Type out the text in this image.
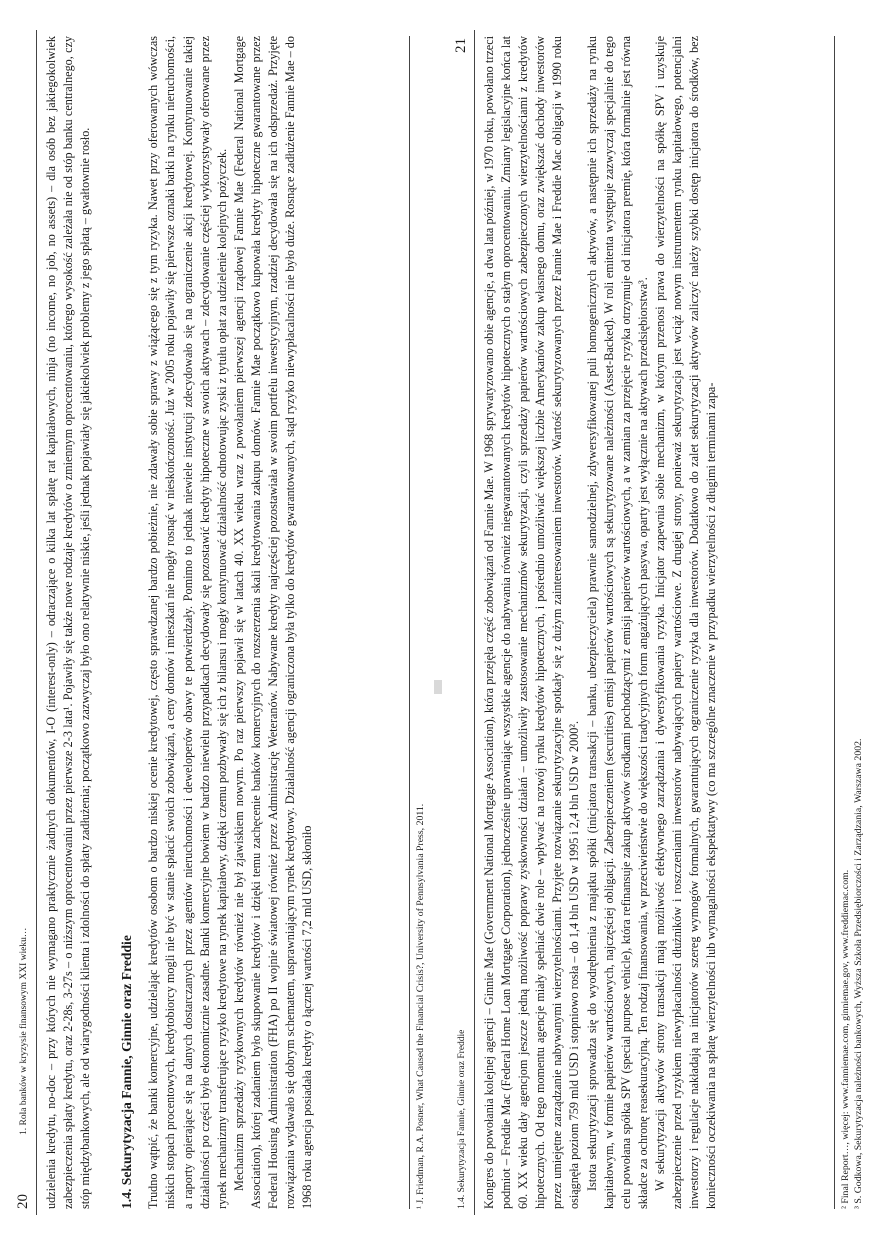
20
1. Rola banków w kryzysie finansowym XXI wieku… udzielenia kredytu, no-doc – przy których nie wymagano praktycznie żadnych dokumentów, I-O (interest-only) – odraczające o kilka lat spłatę rat kapitałowych, ninja (no income, no job, no assets) – dla osób bez jakiegokolwiek zabezpieczenia spłaty kredytu, oraz 2-28s, 3-27s – o niższym oprocentowaniu przez pierwsze 2-3 lata¹. Pojawiły się także nowe rodzaje kredytów o zmiennym oprocentowaniu, którego wysokość zależała nie od stóp banku centralnego, czy stóp międzybankowych, ale od wiarygodności klienta i zdolności do spłaty zadłużenia; początkowo zazwyczaj było ono relatywnie niskie, jeśli jednak pojawiały się jakiekolwiek problemy z jego spłatą – gwałtownie rosło. 1.4. Sekurytyzacja Fannie, Ginnie oraz Freddie Trudno wątpić, że banki komercyjne, udzielając kredytów osobom o bardzo niskiej ocenie kredytowej, często sprawdzanej bardzo pobieżnie, nie zdawały sobie sprawy z wiążącego się z tym ryzyka. Nawet przy oferowanych wówczas niskich stopach procentowych, kredytobiorcy mogli nie być w stanie spłacić swoich zobowiązań, a ceny domów i mieszkań nie mogły rosnąć w nieskończoność. Już w 2005 roku pojawiły się pierwsze oznaki barki na rynku nieruchomości, a raporty opierające się na danych dostarczanych przez agentów nieruchomości i deweloperów obawy te potwierdzały. Pomimo to jednak niewiele instytucji zdecydowało się na ograniczenie akcji kredytowej. Kontynuowanie takiej działalności po części było ekonomicznie zasadne. Banki komercyjne bowiem w bardzo niewielu przypadkach decydowały się pozostawić kredyty hipoteczne w swoich aktywach – zdecydowanie częściej wykorzystywały oferowane przez rynek mechanizmy transferujące ryzyko kredytowe na rynek kapitałowy, dzięki czemu pozbywały się ich z bilansu i mogły kontynuować działalność odnotowując zyski z tytułu opłat za udzielenie kolejnych pożyczek. Mechanizm sprzedaży ryzykownych kredytów również nie był zjawiskiem nowym. Po raz pierwszy pojawił się w latach 40. XX wieku wraz z powołaniem pierwszej agencji rządowej Fannie Mae (Federal National Mortgage Association), której zadaniem było skupowanie kredytów i dzięki temu zachęcenie banków komercyjnych do rozszerzenia skali kredytowania zakupu domów. Fannie Mae początkowo kupowała kredyty hipoteczne gwarantowane przez Federal Housing Administration (FHA) po II wojnie światowej również przez Administrację Weteranów. Nabywane kredyty najczęściej pozostawiała w swoim portfelu inwestycyjnym, rzadziej decydowała się na ich odsprzedaż. Przyjęte rozwiązania wydawało się dobrym schematem, usprawniającym rynek kredytowy. Działalność agencji ograniczona była tylko do kredytów gwarantowanych, stąd ryzyko niewypłacalności nie było duże. Rosnące zadłużenie Fannie Mae – do 1968 roku agencja posiadała kredyty o łącznej wartości 7,2 mld USD, skłoniło	¹ J. Friedman, R.A. Posner, What Caused the Financial Crisis?, University of Pennsylvania Press, 2011.	1.4. Sekurytyzacja Fannie, Ginnie oraz Freddie
21 Kongres do powołania kolejnej agencji – Ginnie Mae (Government National Mortgage Association), która przejęła część zobowiązań od Fannie Mae. W 1968 sprywatyzowano obie agencje, a dwa lata później, w 1970 roku, powołano trzeci podmiot – Freddie Mac (Federal Home Loan Mortgage Corporation), jednocześnie uprawniając wszystkie agencje do nabywania również niegwarantowanych kredytów hipotecznych o stałym oprocentowaniu. Zmiany legislacyjne końca lat 60. XX wieku dały agencjom jeszcze jedną możliwość poprawy zyskowności działań – umożliwiły zastosowanie mechanizmów sekurytyzacji, czyli sprzedaży papierów wartościowych zabezpieczonych wierzytelnościami z kredytów hipotecznych. Od tego momentu agencje miały spełniać dwie role – wpływać na rozwój rynku kredytów hipotecznych, i pośrednio umożliwiać większej liczbie Amerykanów zakup własnego domu, oraz zwiększać dochody inwestorów przez umiejętne zarządzanie nabywanymi wierzytelnościami. Przyjęte rozwiązanie sekurytyzacyjne spotkały się z dużym zainteresowaniem inwestorów. Wartość sekurytyzowanych przez Fannie Mae i Freddie Mac obligacji w 1990 roku osiągnęła poziom 759 mld USD i stopniowo rosła – do 1,4 bln USD w 1995 i 2,4 bln USD w 2000². Istota sekurytyzacji sprowadza się do wyodrębnienia z majątku spółki (inicjatora transakcji – banku, ubezpieczyciela) prawnie samodzielnej, zdywersyfikowanej puli homogenicznych aktywów, a następnie ich sprzedaży na rynku kapitałowym, w formie papierów wartościowych, najczęściej obligacji. Zabezpieczeniem (securities) emisji papierów wartościowych są sekurytyzowane należności (Asset-Backed). W roli emitenta występuje zazwyczaj specjalnie do tego celu powołana spółka SPV (special purpose vehicle), która refinansuje zakup aktywów środkami pochodzącymi z emisji papierów wartościowych, a w zamian za przejęcie ryzyka otrzymuje od inicjatora premię, która formalnie jest równa składce za ochronę reasekuracyjną. Ten rodzaj finansowania, w przeciwieństwie do większości tradycyjnych form angażujących pasywa, oparty jest wyłącznie na aktywach przedsiębiorstwa³. W sekurytyzacji aktywów strony transakcji mają możliwość efektywnego zarządzania i dywersyfikowania ryzyka. Inicjator zapewnia sobie mechanizm, w którym przenosi prawa do wierzytelności na spółkę SPV i uzyskuje zabezpieczenie przed ryzykiem niewypłacalności dłużników i roszczeniami inwestorów nabywających papiery wartościowe. Z drugiej strony, ponieważ sekurytyzacja jest wciąż nowym instrumentem rynku kapitałowego, potencjalni inwestorzy i regulacje nakładają na inicjatorów szereg wymogów formalnych, gwarantujących ograniczenie ryzyka dla inwestorów. Dodatkowo do zalet sekurytyzacji aktywów zaliczyć należy szybki dostęp inicjatora do środków, bez konieczności oczekiwania na spłatę wierzytelności lub wymagalności ekspektatywy (co ma szczególne znaczenie w przypadku wierzytelności z długimi terminami zapa-	² Final Report…, więcej: www.fanniemae.com, ginniemae.gov, www.freddiemac.com. ³ S. Godkowa, Sekurytyzacja należności bankowych, Wyższa Szkoła Przedsiębiorczości i Zarządzania, Warszawa 2002.
